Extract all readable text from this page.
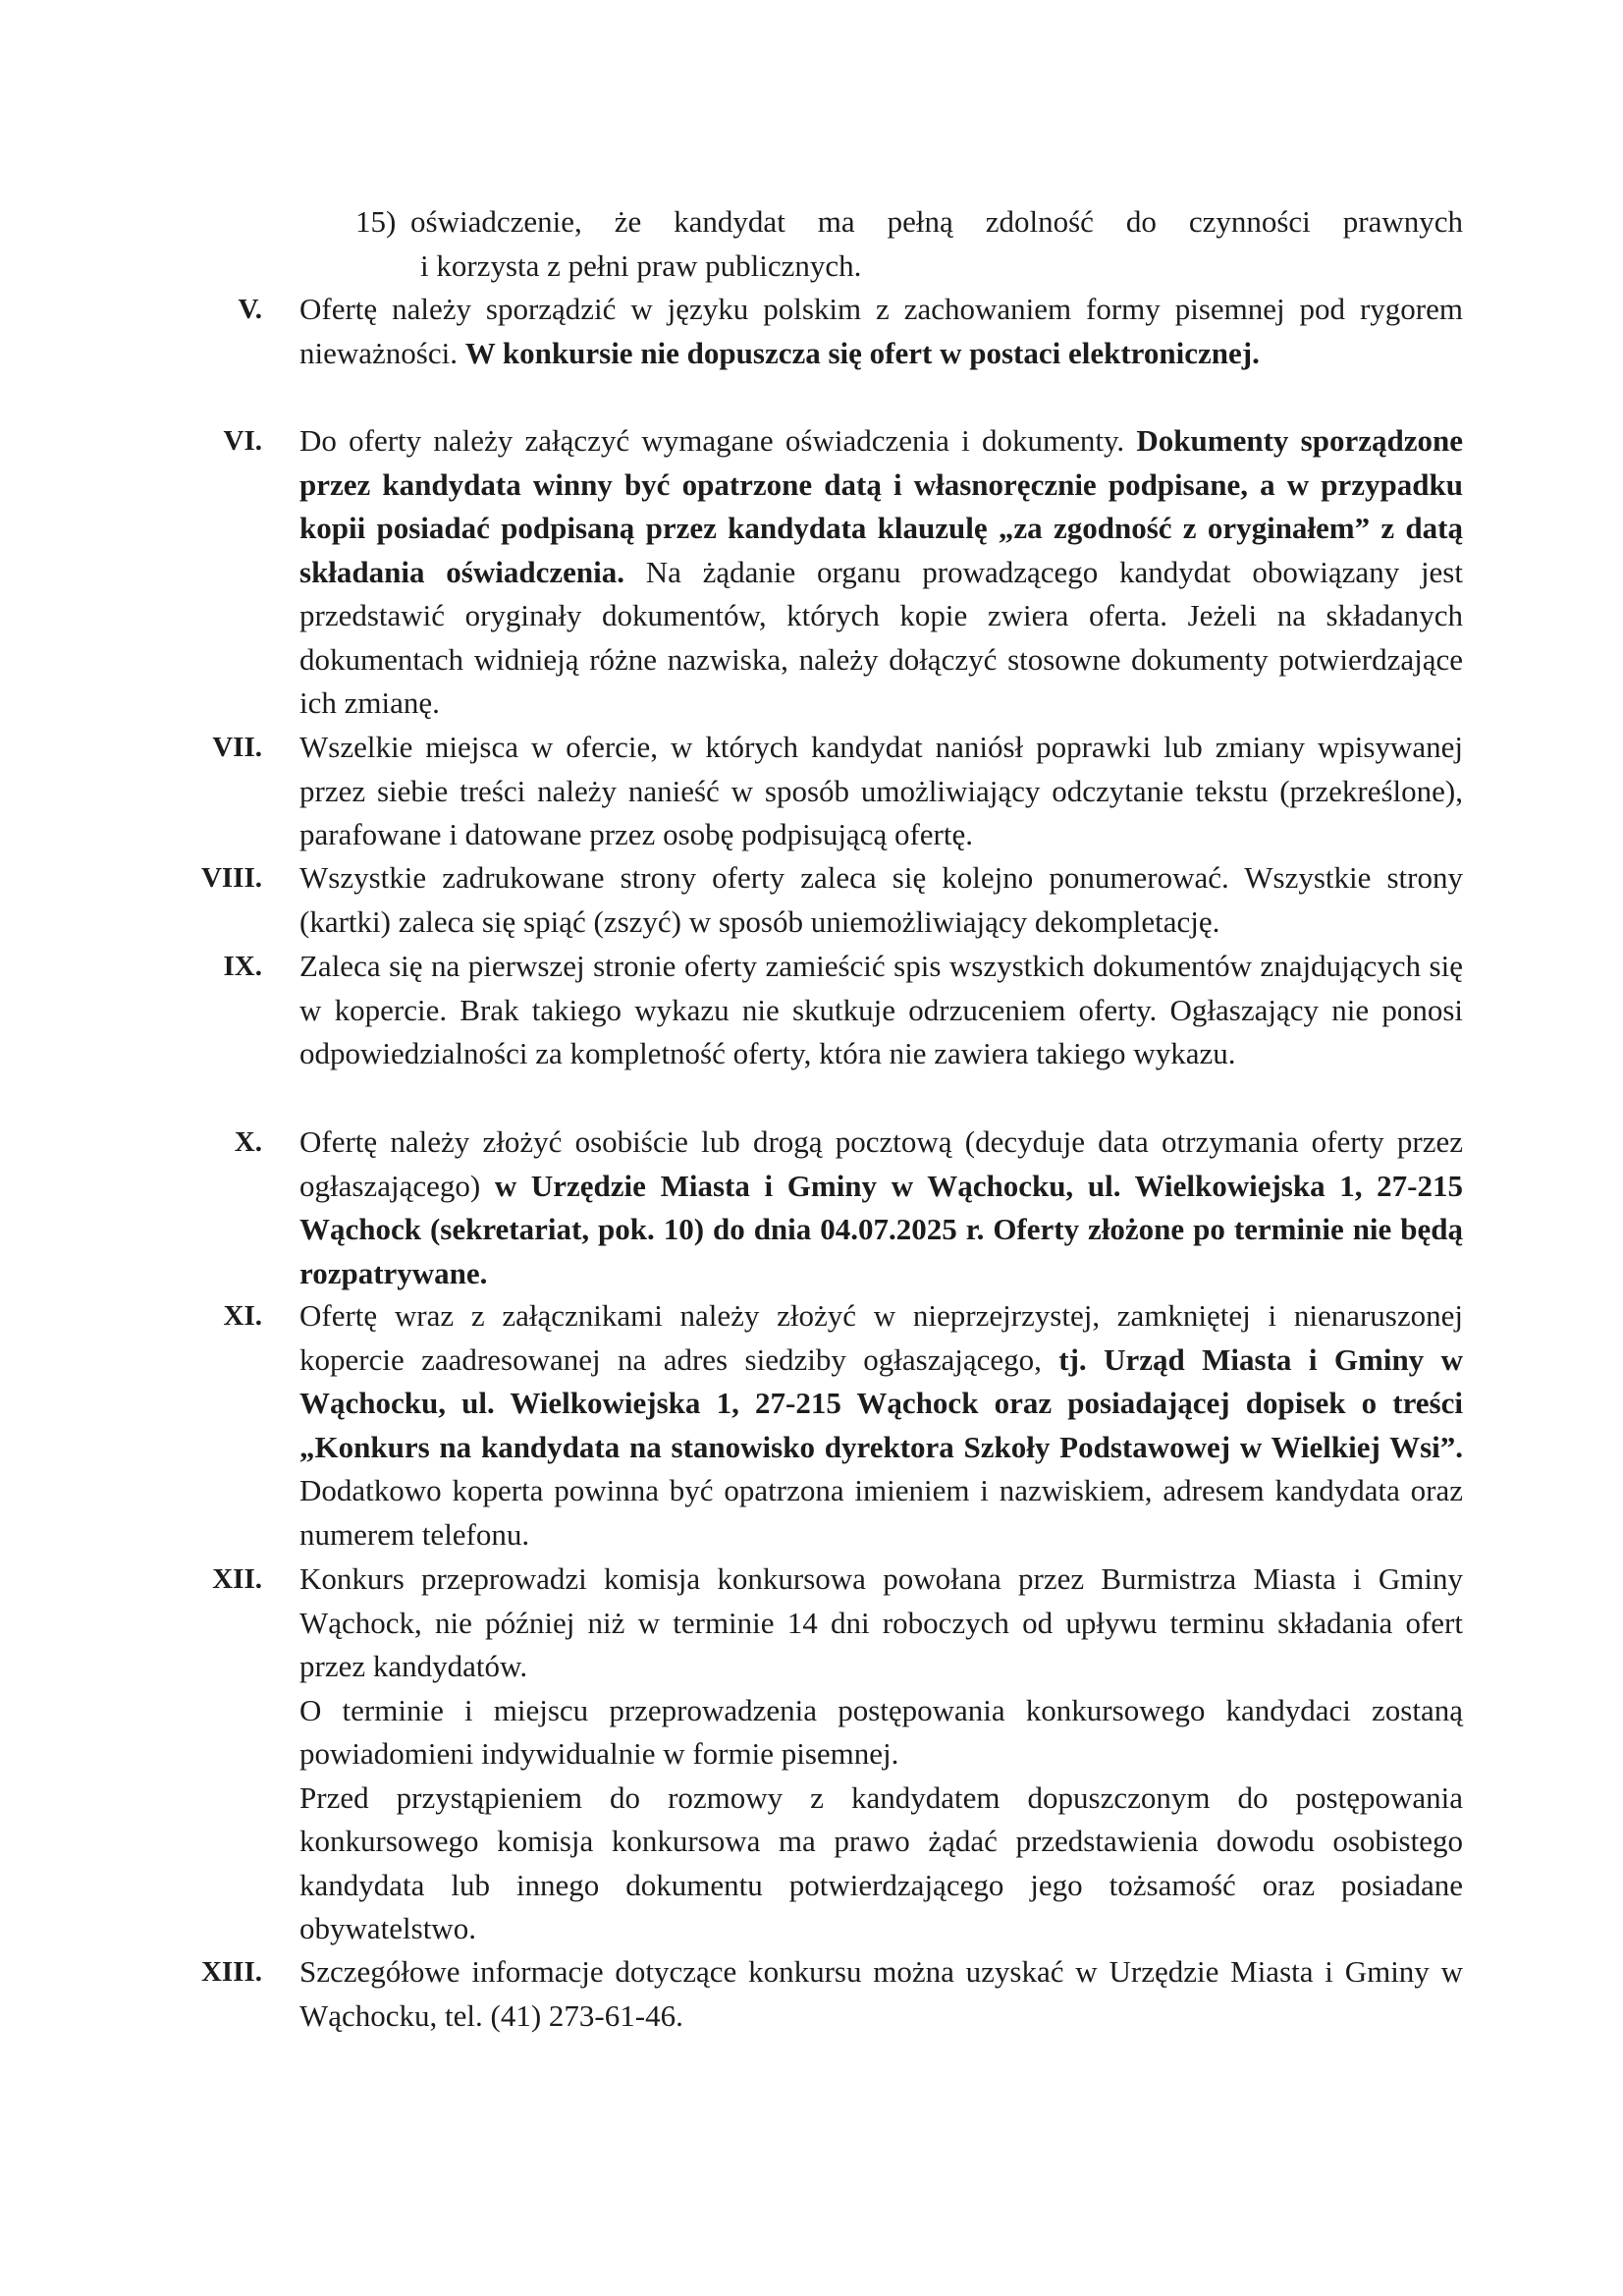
15) oświadczenie, że kandydat ma pełną zdolność do czynności prawnych
i korzysta z pełni praw publicznych.
V. Ofertę należy sporządzić w języku polskim z zachowaniem formy pisemnej pod rygorem nieważności. W konkursie nie dopuszcza się ofert w postaci elektronicznej.
VI. Do oferty należy załączyć wymagane oświadczenia i dokumenty. Dokumenty sporządzone przez kandydata winny być opatrzone datą i własnoręcznie podpisane, a w przypadku kopii posiadać podpisaną przez kandydata klauzulę „za zgodność z oryginałem” z datą składania oświadczenia. Na żądanie organu prowadzącego kandydat obowiązany jest przedstawić oryginały dokumentów, których kopie zwiera oferta. Jeżeli na składanych dokumentach widnieją różne nazwiska, należy dołączyć stosowne dokumenty potwierdzające ich zmianę.
VII. Wszelkie miejsca w ofercie, w których kandydat naniósł poprawki lub zmiany wpisywanej przez siebie treści należy nanieść w sposób umożliwiający odczytanie tekstu (przekreślone), parafowane i datowane przez osobę podpisującą ofertę.
VIII. Wszystkie zadrukowane strony oferty zaleca się kolejno ponumerować. Wszystkie strony (kartki) zaleca się spiąć (zszyć) w sposób uniemożliwiający dekompletację.
IX. Zaleca się na pierwszej stronie oferty zamieścić spis wszystkich dokumentów znajdujących się w kopercie. Brak takiego wykazu nie skutkuje odrzuceniem oferty. Ogłaszający nie ponosi odpowiedzialności za kompletność oferty, która nie zawiera takiego wykazu.
X. Ofertę należy złożyć osobiście lub drogą pocztową (decyduje data otrzymania oferty przez ogłaszającego) w Urzędzie Miasta i Gminy w Wąchocku, ul. Wielkowiejska 1, 27-215 Wąchock (sekretariat, pok. 10) do dnia 04.07.2025 r. Oferty złożone po terminie nie będą rozpatrywane.
XI. Ofertę wraz z załącznikami należy złożyć w nieprzejrzystej, zamkniętej i nienaruszonej kopercie zaadresowanej na adres siedziby ogłaszającego, tj. Urząd Miasta i Gminy w Wąchocku, ul. Wielkowiejska 1, 27-215 Wąchock oraz posiadającej dopisek o treści „Konkurs na kandydata na stanowisko dyrektora Szkoły Podstawowej w Wielkiej Wsi”. Dodatkowo koperta powinna być opatrzona imieniem i nazwiskiem, adresem kandydata oraz numerem telefonu.
XII. Konkurs przeprowadzi komisja konkursowa powołana przez Burmistrza Miasta i Gminy Wąchock, nie później niż w terminie 14 dni roboczych od upływu terminu składania ofert przez kandydatów.

O terminie i miejscu przeprowadzenia postępowania konkursowego kandydaci zostaną powiadomieni indywidualnie w formie pisemnej.

Przed przystąpieniem do rozmowy z kandydatem dopuszczonym do postępowania konkursowego komisja konkursowa ma prawo żądać przedstawienia dowodu osobistego kandydata lub innego dokumentu potwierdzającego jego tożsamość oraz posiadane obywatelstwo.

XIII. Szczegółowe informacje dotyczące konkursu można uzyskać w Urzędzie Miasta i Gminy w Wąchocku, tel. (41) 273-61-46.
